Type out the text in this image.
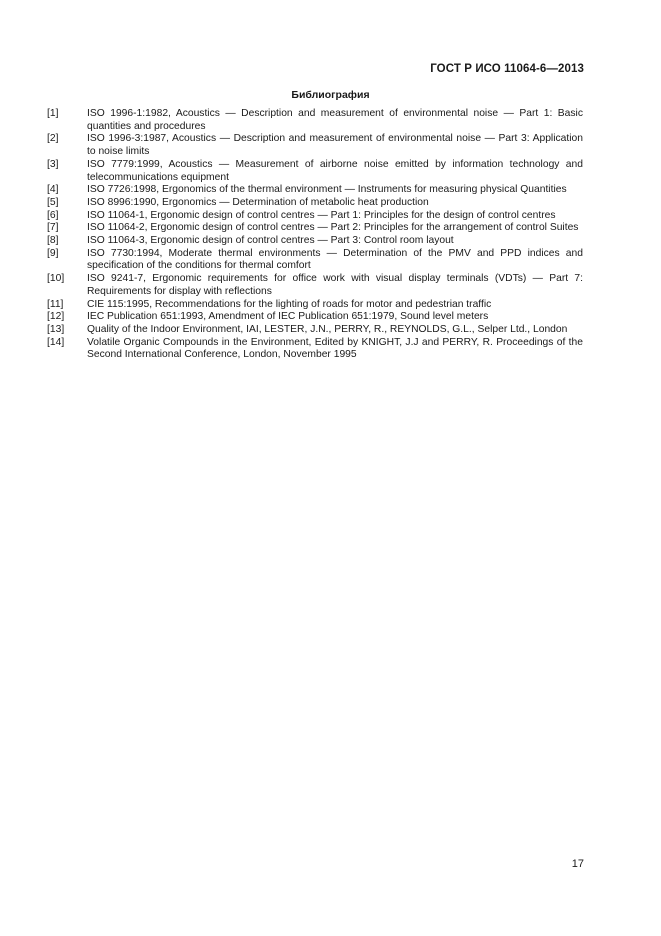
ГОСТ Р ИСО 11064-6—2013
Библиография
[1]	ISO 1996-1:1982, Acoustics — Description and measurement of environmental noise — Part 1: Basic quantities and procedures
[2]	ISO 1996-3:1987, Acoustics — Description and measurement of environmental noise — Part 3: Application to noise limits
[3]	ISO 7779:1999, Acoustics — Measurement of airborne noise emitted by information technology and telecommunications equipment
[4]	ISO 7726:1998, Ergonomics of the thermal environment — Instruments for measuring physical Quantities
[5]	ISO 8996:1990, Ergonomics — Determination of metabolic heat production
[6]	ISO 11064-1, Ergonomic design of control centres — Part 1: Principles for the design of control centres
[7]	ISO 11064-2, Ergonomic design of control centres — Part 2: Principles for the arrangement of control Suites
[8]	ISO 11064-3, Ergonomic design of control centres — Part 3: Control room layout
[9]	ISO 7730:1994, Moderate thermal environments — Determination of the PMV and PPD indices and specification of the conditions for thermal comfort
[10]	ISO 9241-7, Ergonomic requirements for office work with visual display terminals (VDTs) — Part 7: Requirements for display with reflections
[11]	CIE 115:1995, Recommendations for the lighting of roads for motor and pedestrian traffic
[12]	IEC Publication 651:1993, Amendment of IEC Publication 651:1979, Sound level meters
[13]	Quality of the Indoor Environment, IAI, LESTER, J.N., PERRY, R., REYNOLDS, G.L., Selper Ltd., London
[14]	Volatile Organic Compounds in the Environment, Edited by KNIGHT, J.J and PERRY, R. Proceedings of the Second International Conference, London, November 1995
17
